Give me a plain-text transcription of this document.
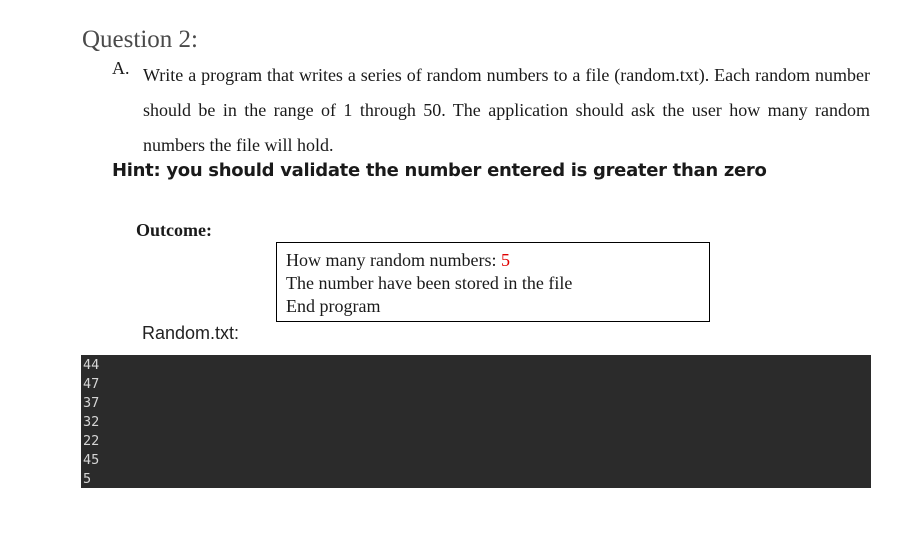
Question 2:
A. Write a program that writes a series of random numbers to a file (random.txt). Each random number should be in the range of 1 through 50. The application should ask the user how many random numbers the file will hold.
Hint: you should validate the number entered is greater than zero
Outcome:
How many random numbers: 5
The number have been stored in the file
End program
Random.txt:
44
47
37
32
22
45
5
